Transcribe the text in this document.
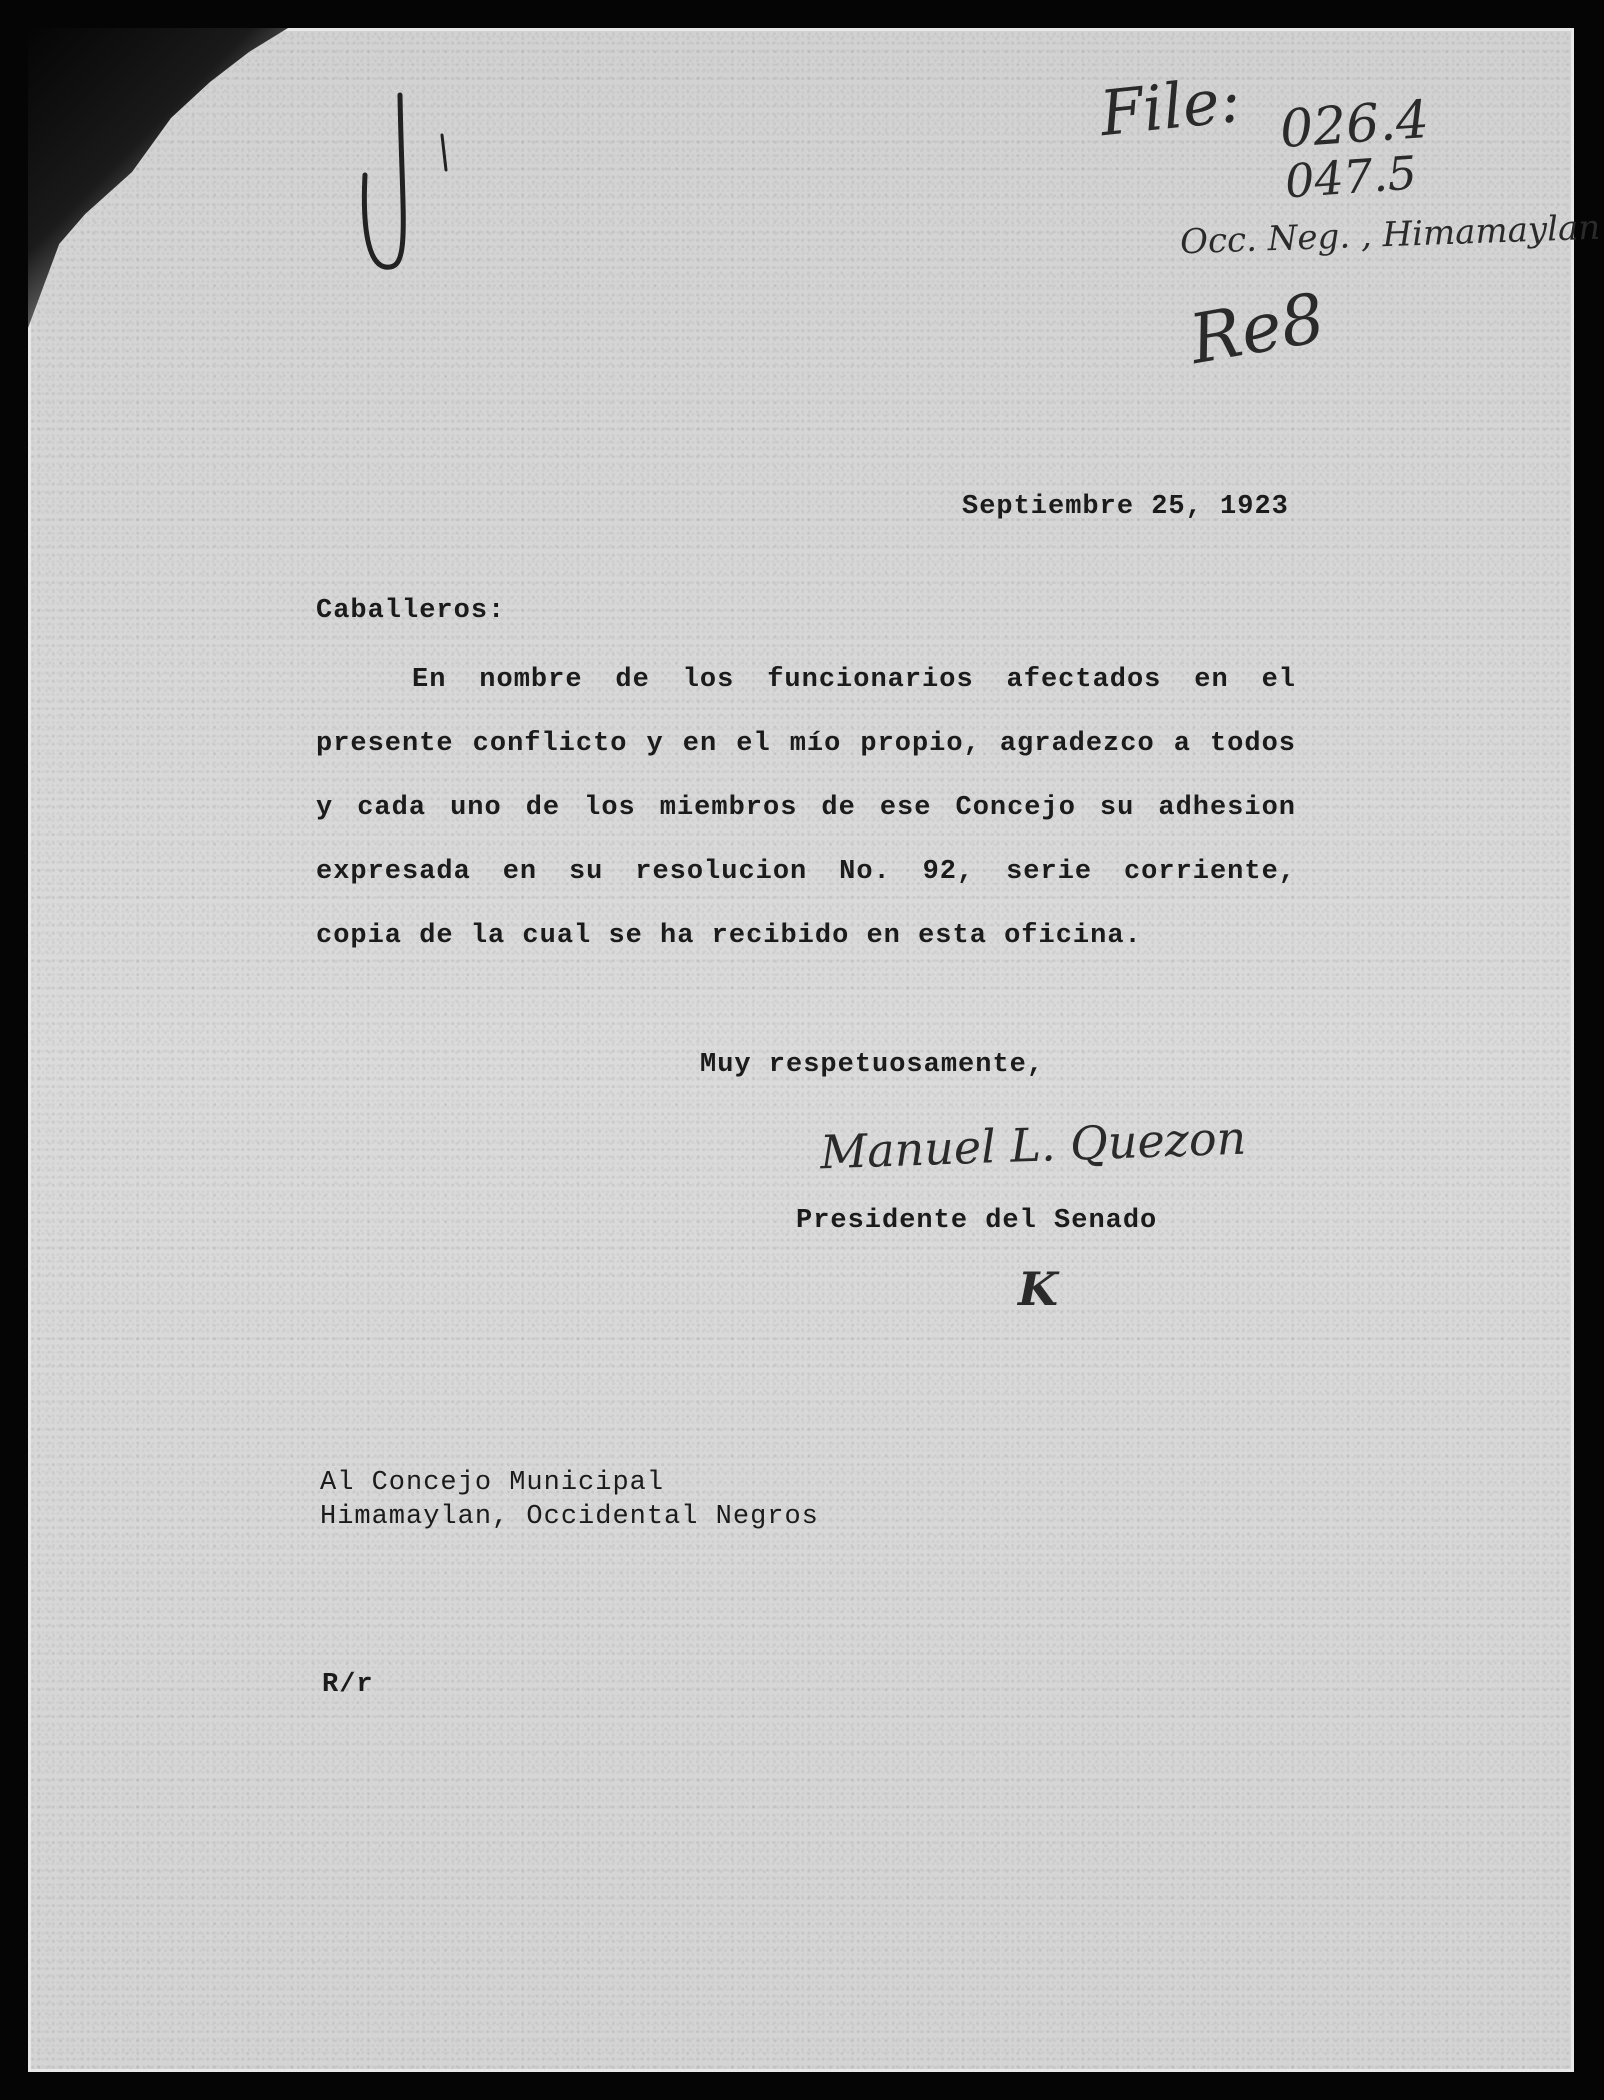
File: 026.4
047.5
Occ. Neg. , Himamaylan
Re8
Septiembre 25, 1923
Caballeros:

En nombre de los funcionarios afectados en el presente conflicto y en el mío propio, agradezco a todos y cada uno de los miembros de ese Concejo su adhesion expresada en su resolucion No. 92, serie corriente, copia de la cual se ha recibido en esta oficina.

Muy respetuosamente,
Manuel L. Quezon
Presidente del Senado
K
Al Concejo Municipal
Himamaylan, Occidental Negros
R/r
